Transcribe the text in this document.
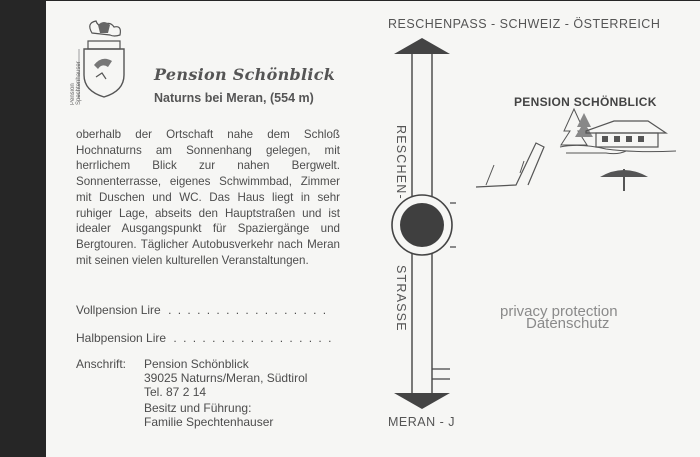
Pension Spechtenhauser	Pension Schönblick
Naturns bei Meran, (554 m)

oberhalb der Ortschaft nahe dem Schloß Hochnaturns am Sonnenhang gelegen, mit herrlichem Blick zur nahen Bergwelt. Sonnenterrasse, eigenes Schwimmbad, Zimmer mit Duschen und WC. Das Haus liegt in sehr ruhiger Lage, abseits den Hauptstraßen und ist idealer Ausgangspunkt für Spaziergänge und Bergtouren. Täglicher Autobusverkehr nach Meran mit seinen vielen kulturellen Veranstaltungen.

Vollpension Lire . . . . . . . . . . . . . . . . .
Halbpension Lire . . . . . . . . . . . . . . . . .
Anschrift: Pension Schönblick
39025 Naturns/Meran, Südtirol
Tel. 87 2 14
Besitz und Führung:
Familie Spechtenhauser
RESCHENPASS - SCHWEIZ - ÖSTERREICH
RESCHEN-
STRASSE
MERAN - J
PENSION SCHÖNBLICK
privacy protection
Datenschutz
